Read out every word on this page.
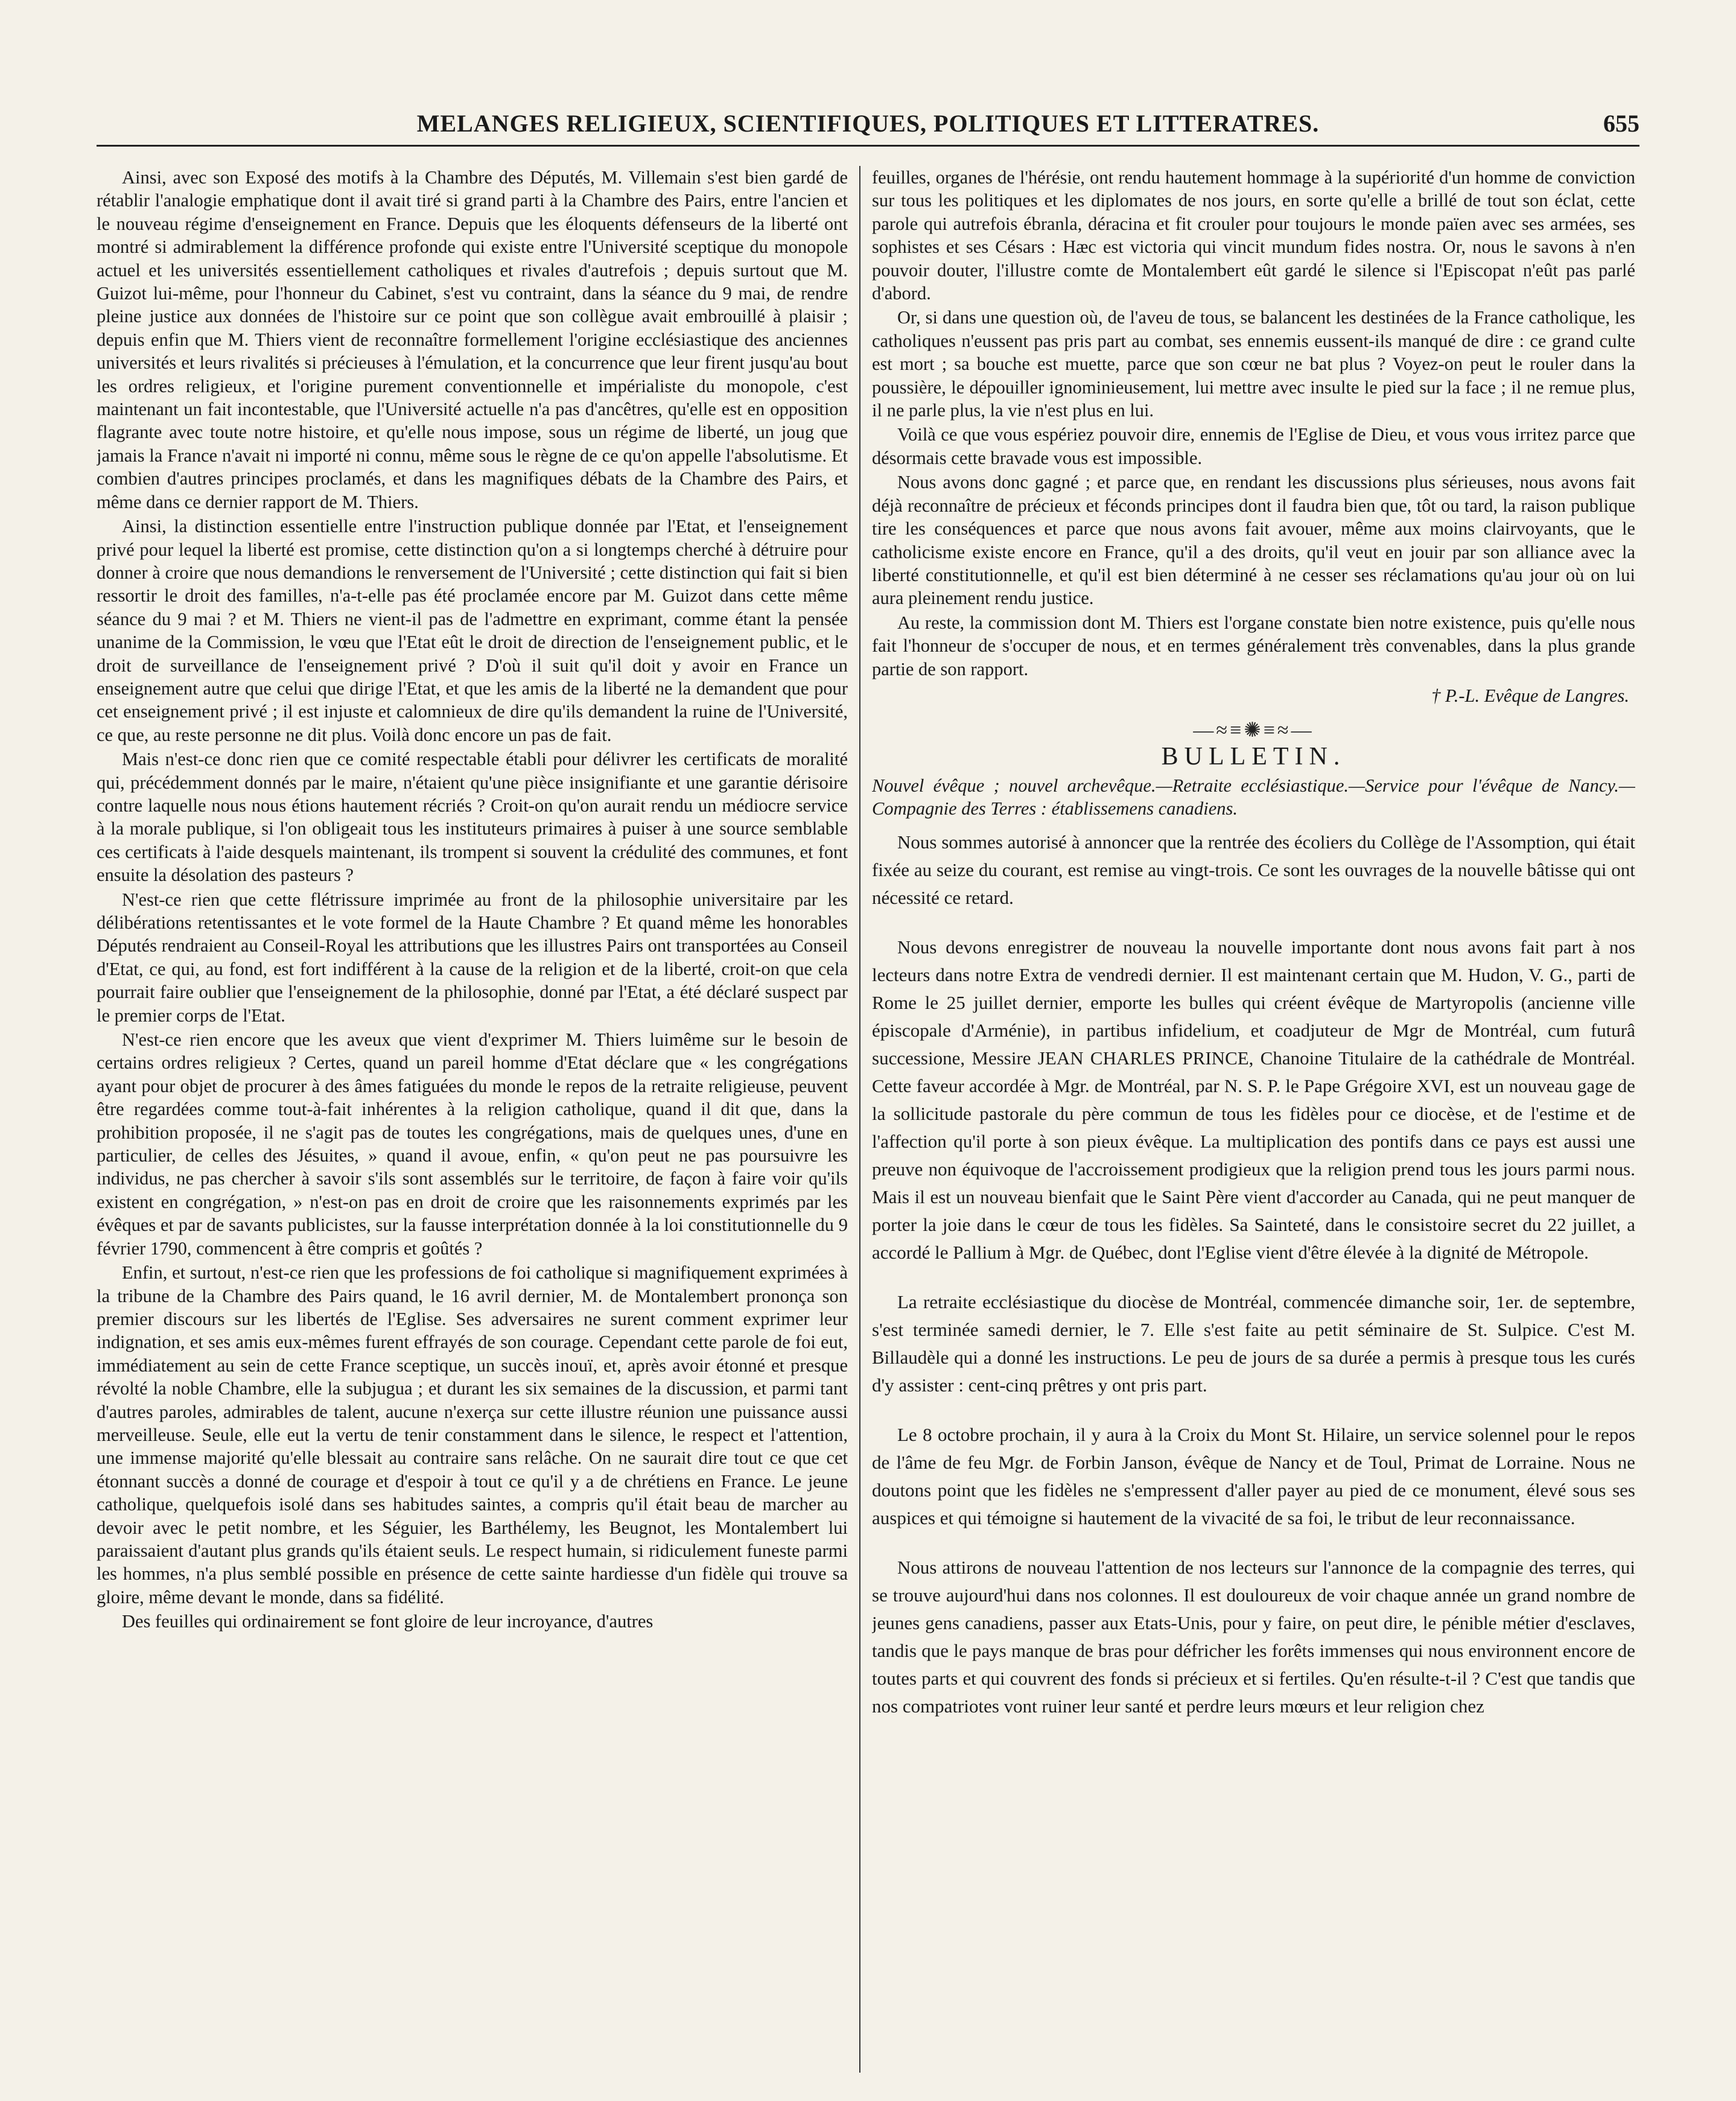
MELANGES RELIGIEUX, SCIENTIFIQUES, POLITIQUES ET LITTERATRES.	655

Ainsi, avec son Exposé des motifs à la Chambre des Députés, M. Villemain s'est bien gardé de rétablir l'analogie emphatique dont il avait tiré si grand parti à la Chambre des Pairs, entre l'ancien et le nouveau régime d'enseignement en France. Depuis que les éloquents défenseurs de la liberté ont montré si admirablement la différence profonde qui existe entre l'Université sceptique du monopole actuel et les universités essentiellement catholiques et rivales d'autrefois ; depuis surtout que M. Guizot lui-même, pour l'honneur du Cabinet, s'est vu contraint, dans la séance du 9 mai, de rendre pleine justice aux données de l'histoire sur ce point que son collègue avait embrouillé à plaisir ; depuis enfin que M. Thiers vient de reconnaître formellement l'origine ecclésiastique des anciennes universités et leurs rivalités si précieuses à l'émulation, et la concurrence que leur firent jusqu'au bout les ordres religieux, et l'origine purement conventionnelle et impérialiste du monopole, c'est maintenant un fait incontestable, que l'Université actuelle n'a pas d'ancêtres, qu'elle est en opposition flagrante avec toute notre histoire, et qu'elle nous impose, sous un régime de liberté, un joug que jamais la France n'avait ni importé ni connu, même sous le règne de ce qu'on appelle l'absolutisme. Et combien d'autres principes proclamés, et dans les magnifiques débats de la Chambre des Pairs, et même dans ce dernier rapport de M. Thiers.

Ainsi, la distinction essentielle entre l'instruction publique donnée par l'Etat, et l'enseignement privé pour lequel la liberté est promise, cette distinction qu'on a si longtemps cherché à détruire pour donner à croire que nous demandions le renversement de l'Université ; cette distinction qui fait si bien ressortir le droit des familles, n'a-t-elle pas été proclamée encore par M. Guizot dans cette même séance du 9 mai ? et M. Thiers ne vient-il pas de l'admettre en exprimant, comme étant la pensée unanime de la Commission, le vœu que l'Etat eût le droit de direction de l'enseignement public, et le droit de surveillance de l'enseignement privé ? D'où il suit qu'il doit y avoir en France un enseignement autre que celui que dirige l'Etat, et que les amis de la liberté ne la demandent que pour cet enseignement privé ; il est injuste et calomnieux de dire qu'ils demandent la ruine de l'Université, ce que, au reste personne ne dit plus. Voilà donc encore un pas de fait.

Mais n'est-ce donc rien que ce comité respectable établi pour délivrer les certificats de moralité qui, précédemment donnés par le maire, n'étaient qu'une pièce insignifiante et une garantie dérisoire contre laquelle nous nous étions hautement récriés ? Croit-on qu'on aurait rendu un médiocre service à la morale publique, si l'on obligeait tous les instituteurs primaires à puiser à une source semblable ces certificats à l'aide desquels maintenant, ils trompent si souvent la crédulité des communes, et font ensuite la désolation des pasteurs ?

N'est-ce rien que cette flétrissure imprimée au front de la philosophie universitaire par les délibérations retentissantes et le vote formel de la Haute Chambre ? Et quand même les honorables Députés rendraient au Conseil-Royal les attributions que les illustres Pairs ont transportées au Conseil d'Etat, ce qui, au fond, est fort indifférent à la cause de la religion et de la liberté, croit-on que cela pourrait faire oublier que l'enseignement de la philosophie, donné par l'Etat, a été déclaré suspect par le premier corps de l'Etat.

N'est-ce rien encore que les aveux que vient d'exprimer M. Thiers luimême sur le besoin de certains ordres religieux ? Certes, quand un pareil homme d'Etat déclare que « les congrégations ayant pour objet de procurer à des âmes fatiguées du monde le repos de la retraite religieuse, peuvent être regardées comme tout-à-fait inhérentes à la religion catholique, quand il dit que, dans la prohibition proposée, il ne s'agit pas de toutes les congrégations, mais de quelques unes, d'une en particulier, de celles des Jésuites, » quand il avoue, enfin, « qu'on peut ne pas poursuivre les individus, ne pas chercher à savoir s'ils sont assemblés sur le territoire, de façon à faire voir qu'ils existent en congrégation, » n'est-on pas en droit de croire que les raisonnements exprimés par les évêques et par de savants publicistes, sur la fausse interprétation donnée à la loi constitutionnelle du 9 février 1790, commencent à être compris et goûtés ?

Enfin, et surtout, n'est-ce rien que les professions de foi catholique si magnifiquement exprimées à la tribune de la Chambre des Pairs quand, le 16 avril dernier, M. de Montalembert prononça son premier discours sur les libertés de l'Eglise. Ses adversaires ne surent comment exprimer leur indignation, et ses amis eux-mêmes furent effrayés de son courage. Cependant cette parole de foi eut, immédiatement au sein de cette France sceptique, un succès inouï, et, après avoir étonné et presque révolté la noble Chambre, elle la subjugua ; et durant les six semaines de la discussion, et parmi tant d'autres paroles, admirables de talent, aucune n'exerça sur cette illustre réunion une puissance aussi merveilleuse. Seule, elle eut la vertu de tenir constamment dans le silence, le respect et l'attention, une immense majorité qu'elle blessait au contraire sans relâche. On ne saurait dire tout ce que cet étonnant succès a donné de courage et d'espoir à tout ce qu'il y a de chrétiens en France. Le jeune catholique, quelquefois isolé dans ses habitudes saintes, a compris qu'il était beau de marcher au devoir avec le petit nombre, et les Séguier, les Barthélemy, les Beugnot, les Montalembert lui paraissaient d'autant plus grands qu'ils étaient seuls. Le respect humain, si ridiculement funeste parmi les hommes, n'a plus semblé possible en présence de cette sainte hardiesse d'un fidèle qui trouve sa gloire, même devant le monde, dans sa fidélité.

Des feuilles qui ordinairement se font gloire de leur incroyance, d'autres

feuilles, organes de l'hérésie, ont rendu hautement hommage à la supériorité d'un homme de conviction sur tous les politiques et les diplomates de nos jours, en sorte qu'elle a brillé de tout son éclat, cette parole qui autrefois ébranla, déracina et fit crouler pour toujours le monde païen avec ses armées, ses sophistes et ses Césars : Hæc est victoria qui vincit mundum fides nostra. Or, nous le savons à n'en pouvoir douter, l'illustre comte de Montalembert eût gardé le silence si l'Episcopat n'eût pas parlé d'abord.

Or, si dans une question où, de l'aveu de tous, se balancent les destinées de la France catholique, les catholiques n'eussent pas pris part au combat, ses ennemis eussent-ils manqué de dire : ce grand culte est mort ; sa bouche est muette, parce que son cœur ne bat plus ? Voyez-on peut le rouler dans la poussière, le dépouiller ignominieusement, lui mettre avec insulte le pied sur la face ; il ne remue plus, il ne parle plus, la vie n'est plus en lui.

Voilà ce que vous espériez pouvoir dire, ennemis de l'Eglise de Dieu, et vous vous irritez parce que désormais cette bravade vous est impossible.

Nous avons donc gagné ; et parce que, en rendant les discussions plus sérieuses, nous avons fait déjà reconnaître de précieux et féconds principes dont il faudra bien que, tôt ou tard, la raison publique tire les conséquences et parce que nous avons fait avouer, même aux moins clairvoyants, que le catholicisme existe encore en France, qu'il a des droits, qu'il veut en jouir par son alliance avec la liberté constitutionnelle, et qu'il est bien déterminé à ne cesser ses réclamations qu'au jour où on lui aura pleinement rendu justice.

Au reste, la commission dont M. Thiers est l'organe constate bien notre existence, puis qu'elle nous fait l'honneur de s'occuper de nous, et en termes généralement très convenables, dans la plus grande partie de son rapport.

† P.-L. Evêque de Langres.

—≈≡✺≡≈—
BULLETIN.

Nouvel évêque ; nouvel archevêque.—Retraite ecclésiastique.—Service pour l'évêque de Nancy.—Compagnie des Terres : établissemens canadiens.

Nous sommes autorisé à annoncer que la rentrée des écoliers du Collège de l'Assomption, qui était fixée au seize du courant, est remise au vingt-trois. Ce sont les ouvrages de la nouvelle bâtisse qui ont nécessité ce retard.

Nous devons enregistrer de nouveau la nouvelle importante dont nous avons fait part à nos lecteurs dans notre Extra de vendredi dernier. Il est maintenant certain que M. Hudon, V. G., parti de Rome le 25 juillet dernier, emporte les bulles qui créent évêque de Martyropolis (ancienne ville épiscopale d'Arménie), in partibus infidelium, et coadjuteur de Mgr de Montréal, cum futurâ successione, Messire JEAN CHARLES PRINCE, Chanoine Titulaire de la cathédrale de Montréal. Cette faveur accordée à Mgr. de Montréal, par N. S. P. le Pape Grégoire XVI, est un nouveau gage de la sollicitude pastorale du père commun de tous les fidèles pour ce diocèse, et de l'estime et de l'affection qu'il porte à son pieux évêque. La multiplication des pontifs dans ce pays est aussi une preuve non équivoque de l'accroissement prodigieux que la religion prend tous les jours parmi nous. Mais il est un nouveau bienfait que le Saint Père vient d'accorder au Canada, qui ne peut manquer de porter la joie dans le cœur de tous les fidèles. Sa Sainteté, dans le consistoire secret du 22 juillet, a accordé le Pallium à Mgr. de Québec, dont l'Eglise vient d'être élevée à la dignité de Métropole.

La retraite ecclésiastique du diocèse de Montréal, commencée dimanche soir, 1er. de septembre, s'est terminée samedi dernier, le 7. Elle s'est faite au petit séminaire de St. Sulpice. C'est M. Billaudèle qui a donné les instructions. Le peu de jours de sa durée a permis à presque tous les curés d'y assister : cent-cinq prêtres y ont pris part.

Le 8 octobre prochain, il y aura à la Croix du Mont St. Hilaire, un service solennel pour le repos de l'âme de feu Mgr. de Forbin Janson, évêque de Nancy et de Toul, Primat de Lorraine. Nous ne doutons point que les fidèles ne s'empressent d'aller payer au pied de ce monument, élevé sous ses auspices et qui témoigne si hautement de la vivacité de sa foi, le tribut de leur reconnaissance.

Nous attirons de nouveau l'attention de nos lecteurs sur l'annonce de la compagnie des terres, qui se trouve aujourd'hui dans nos colonnes. Il est douloureux de voir chaque année un grand nombre de jeunes gens canadiens, passer aux Etats-Unis, pour y faire, on peut dire, le pénible métier d'esclaves, tandis que le pays manque de bras pour défricher les forêts immenses qui nous environnent encore de toutes parts et qui couvrent des fonds si précieux et si fertiles. Qu'en résulte-t-il ? C'est que tandis que nos compatriotes vont ruiner leur santé et perdre leurs mœurs et leur religion chez
